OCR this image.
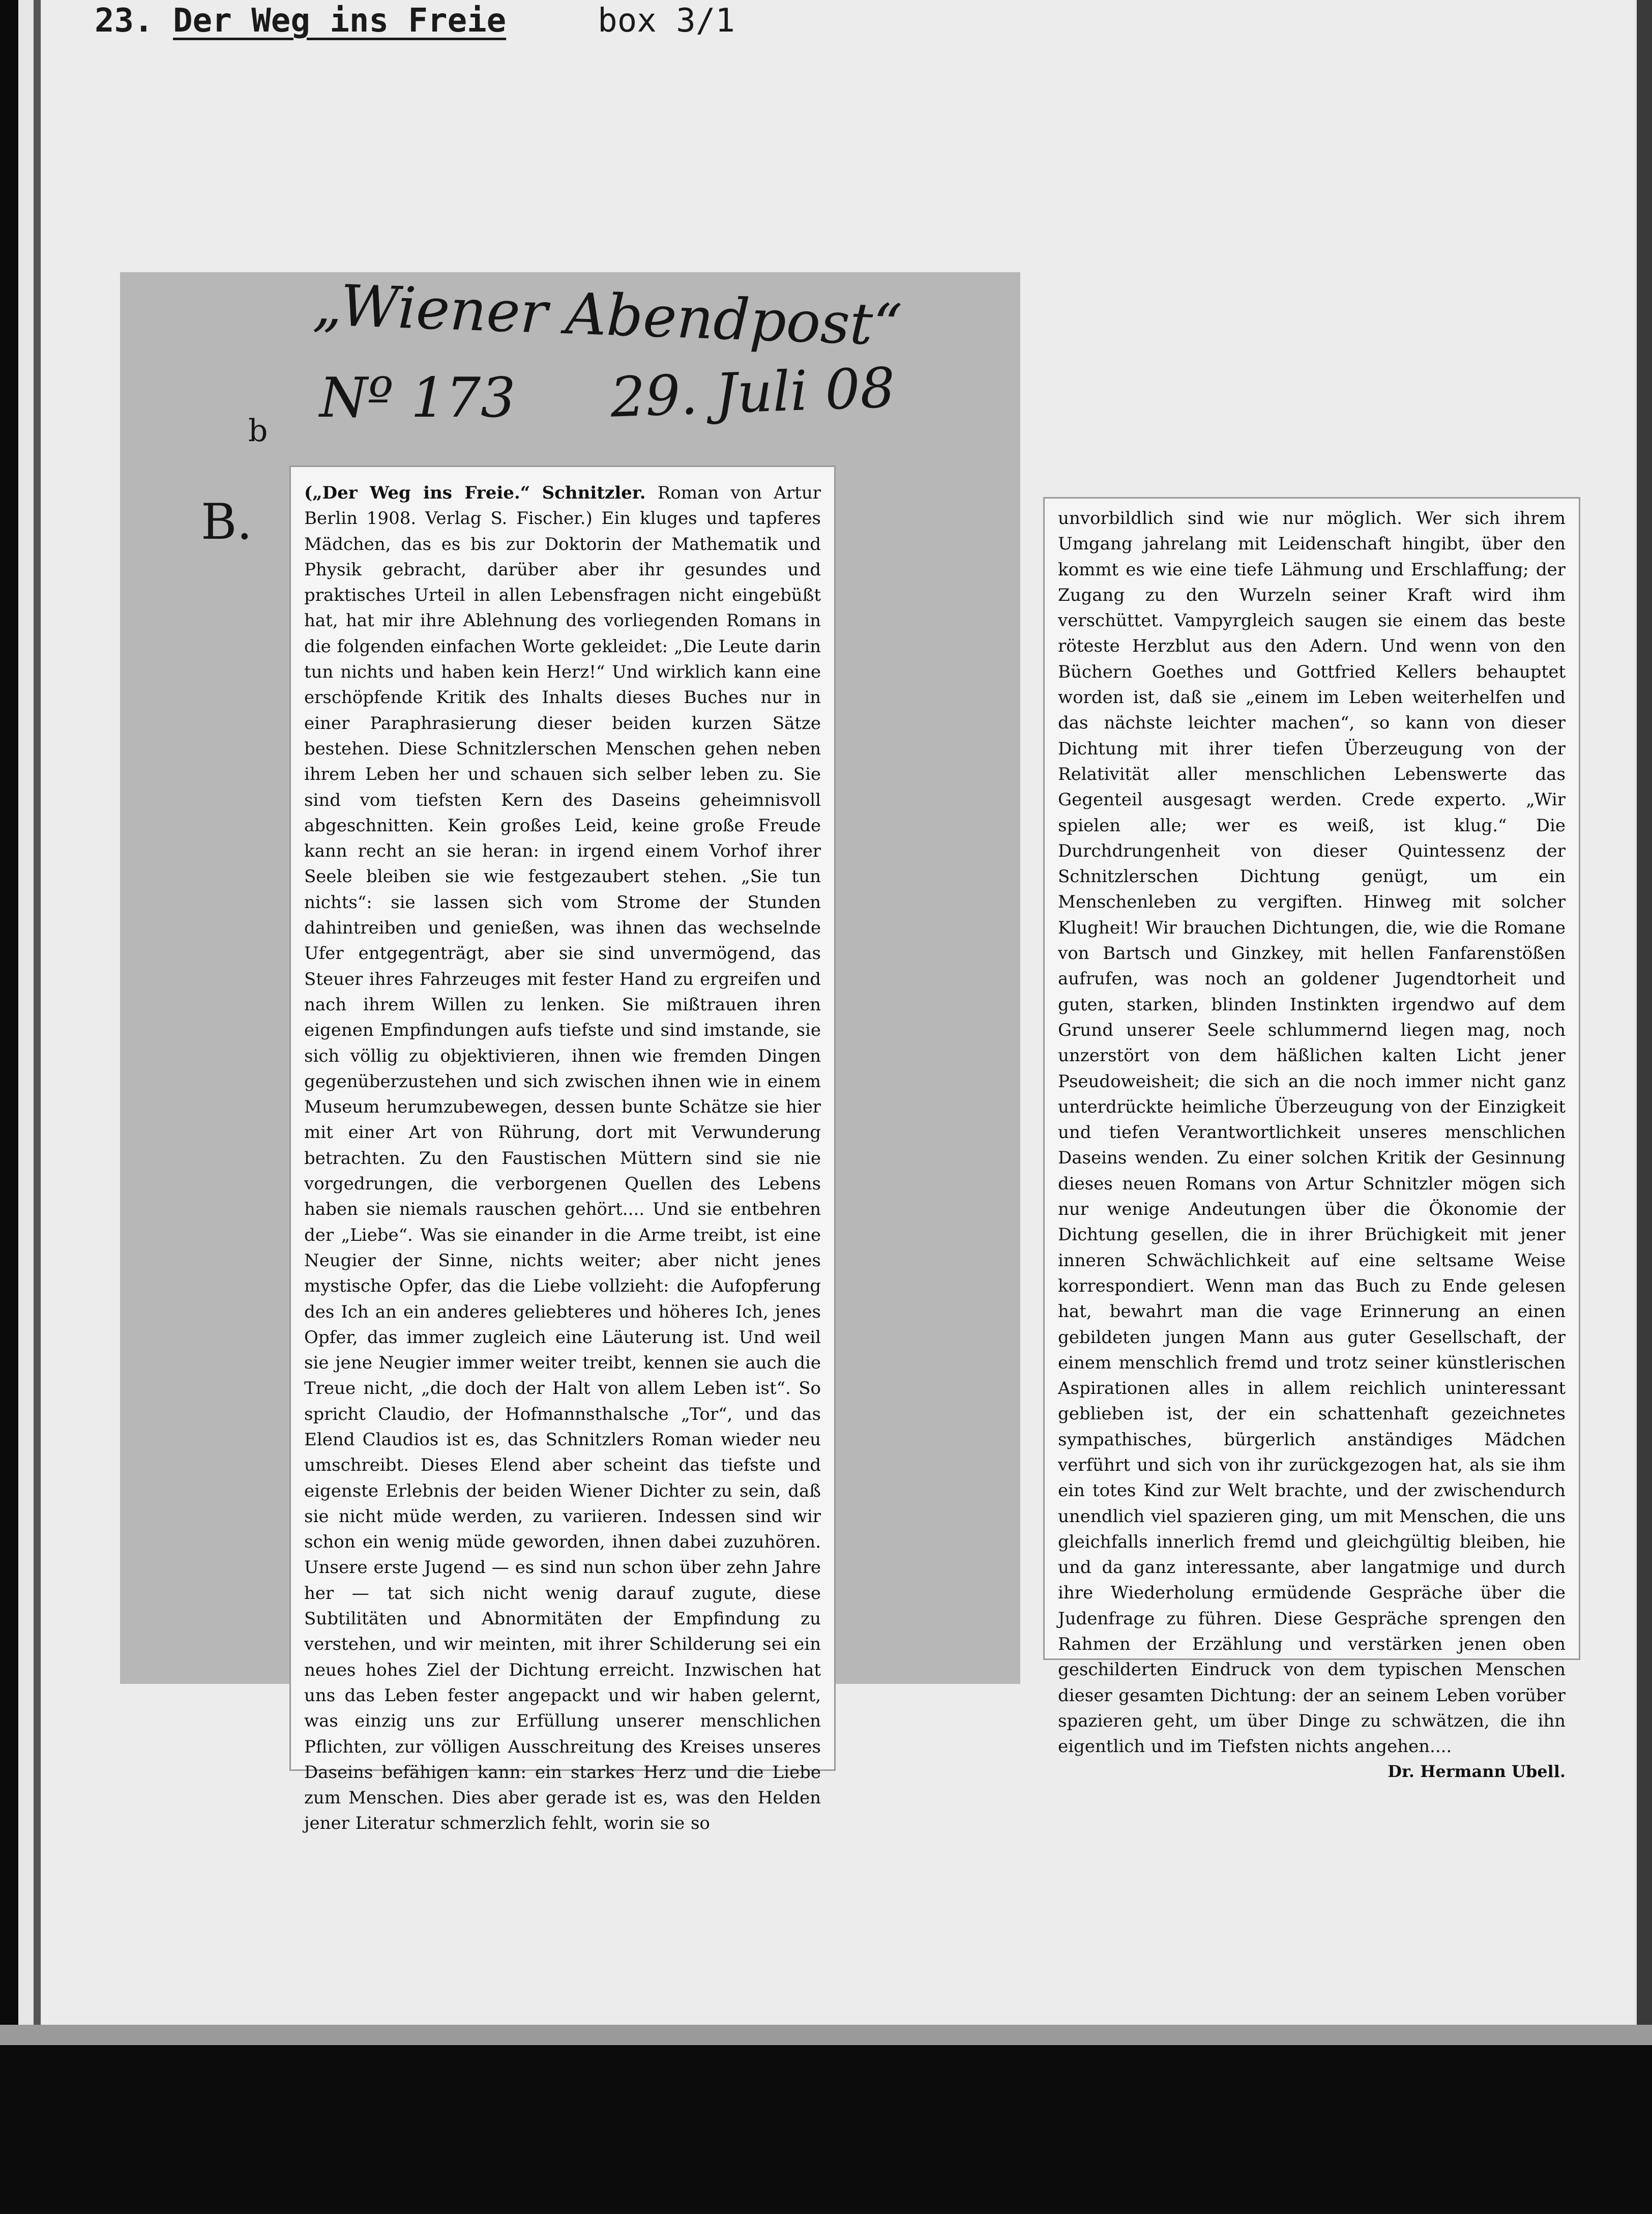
23. Der Weg ins Freie	box 3/1
„Wiener Abendpost“
Nº 173 29. Juli 08
b
B.

(„Der Weg ins Freie.“ Schnitzler. Roman von Artur Berlin 1908. Verlag S. Fischer.) Ein kluges und tapferes Mädchen, das es bis zur Doktorin der Mathematik und Physik gebracht, darüber aber ihr gesundes und praktisches Urteil in allen Lebensfragen nicht eingebüßt hat, hat mir ihre Ablehnung des vorliegenden Romans in die folgenden einfachen Worte gekleidet: „Die Leute darin tun nichts und haben kein Herz!“ Und wirklich kann eine erschöpfende Kritik des Inhalts dieses Buches nur in einer Paraphrasierung dieser beiden kurzen Sätze bestehen. Diese Schnitzlerschen Menschen gehen neben ihrem Leben her und schauen sich selber leben zu. Sie sind vom tiefsten Kern des Daseins geheimnisvoll abgeschnitten. Kein großes Leid, keine große Freude kann recht an sie heran: in irgend einem Vorhof ihrer Seele bleiben sie wie festgezaubert stehen. „Sie tun nichts“: sie lassen sich vom Strome der Stunden dahintreiben und genießen, was ihnen das wechselnde Ufer entgegenträgt, aber sie sind unvermögend, das Steuer ihres Fahrzeuges mit fester Hand zu ergreifen und nach ihrem Willen zu lenken. Sie mißtrauen ihren eigenen Empfindungen aufs tiefste und sind imstande, sie sich völlig zu objektivieren, ihnen wie fremden Dingen gegenüberzustehen und sich zwischen ihnen wie in einem Museum herumzubewegen, dessen bunte Schätze sie hier mit einer Art von Rührung, dort mit Verwunderung betrachten. Zu den Faustischen Müttern sind sie nie vorgedrungen, die verborgenen Quellen des Lebens haben sie niemals rauschen gehört.... Und sie entbehren der „Liebe“. Was sie einander in die Arme treibt, ist eine Neugier der Sinne, nichts weiter; aber nicht jenes mystische Opfer, das die Liebe vollzieht: die Aufopferung des Ich an ein anderes geliebteres und höheres Ich, jenes Opfer, das immer zugleich eine Läuterung ist. Und weil sie jene Neugier immer weiter treibt, kennen sie auch die Treue nicht, „die doch der Halt von allem Leben ist“. So spricht Claudio, der Hofmannsthalsche „Tor“, und das Elend Claudios ist es, das Schnitzlers Roman wieder neu umschreibt. Dieses Elend aber scheint das tiefste und eigenste Erlebnis der beiden Wiener Dichter zu sein, daß sie nicht müde werden, zu variieren. Indessen sind wir schon ein wenig müde geworden, ihnen dabei zuzuhören. Unsere erste Jugend — es sind nun schon über zehn Jahre her — tat sich nicht wenig darauf zugute, diese Subtilitäten und Abnormitäten der Empfindung zu verstehen, und wir meinten, mit ihrer Schilderung sei ein neues hohes Ziel der Dichtung erreicht. Inzwischen hat uns das Leben fester angepackt und wir haben gelernt, was einzig uns zur Erfüllung unserer menschlichen Pflichten, zur völligen Ausschreitung des Kreises unseres Daseins befähigen kann: ein starkes Herz und die Liebe zum Menschen. Dies aber gerade ist es, was den Helden jener Literatur schmerzlich fehlt, worin sie so

unvorbildlich sind wie nur möglich. Wer sich ihrem Umgang jahrelang mit Leidenschaft hingibt, über den kommt es wie eine tiefe Lähmung und Erschlaffung; der Zugang zu den Wurzeln seiner Kraft wird ihm verschüttet. Vampyrgleich saugen sie einem das beste röteste Herzblut aus den Adern. Und wenn von den Büchern Goethes und Gottfried Kellers behauptet worden ist, daß sie „einem im Leben weiterhelfen und das nächste leichter machen“, so kann von dieser Dichtung mit ihrer tiefen Überzeugung von der Relativität aller menschlichen Lebenswerte das Gegenteil ausgesagt werden. Crede experto. „Wir spielen alle; wer es weiß, ist klug.“ Die Durchdrungenheit von dieser Quintessenz der Schnitzlerschen Dichtung genügt, um ein Menschenleben zu vergiften. Hinweg mit solcher Klugheit! Wir brauchen Dichtungen, die, wie die Romane von Bartsch und Ginzkey, mit hellen Fanfarenstößen aufrufen, was noch an goldener Jugendtorheit und guten, starken, blinden Instinkten irgendwo auf dem Grund unserer Seele schlummernd liegen mag, noch unzerstört von dem häßlichen kalten Licht jener Pseudoweisheit; die sich an die noch immer nicht ganz unterdrückte heimliche Überzeugung von der Einzigkeit und tiefen Verantwortlichkeit unseres menschlichen Daseins wenden. Zu einer solchen Kritik der Gesinnung dieses neuen Romans von Artur Schnitzler mögen sich nur wenige Andeutungen über die Ökonomie der Dichtung gesellen, die in ihrer Brüchigkeit mit jener inneren Schwächlichkeit auf eine seltsame Weise korrespondiert. Wenn man das Buch zu Ende gelesen hat, bewahrt man die vage Erinnerung an einen gebildeten jungen Mann aus guter Gesellschaft, der einem menschlich fremd und trotz seiner künstlerischen Aspirationen alles in allem reichlich uninteressant geblieben ist, der ein schattenhaft gezeichnetes sympathisches, bürgerlich anständiges Mädchen verführt und sich von ihr zurückgezogen hat, als sie ihm ein totes Kind zur Welt brachte, und der zwischendurch unendlich viel spazieren ging, um mit Menschen, die uns gleichfalls innerlich fremd und gleichgültig bleiben, hie und da ganz interessante, aber langatmige und durch ihre Wiederholung ermüdende Gespräche über die Judenfrage zu führen. Diese Gespräche sprengen den Rahmen der Erzählung und verstärken jenen oben geschilderten Eindruck von dem typischen Menschen dieser gesamten Dichtung: der an seinem Leben vorüber spazieren geht, um über Dinge zu schwätzen, die ihn eigentlich und im Tiefsten nichts angehen....

Dr. Hermann Ubell.
